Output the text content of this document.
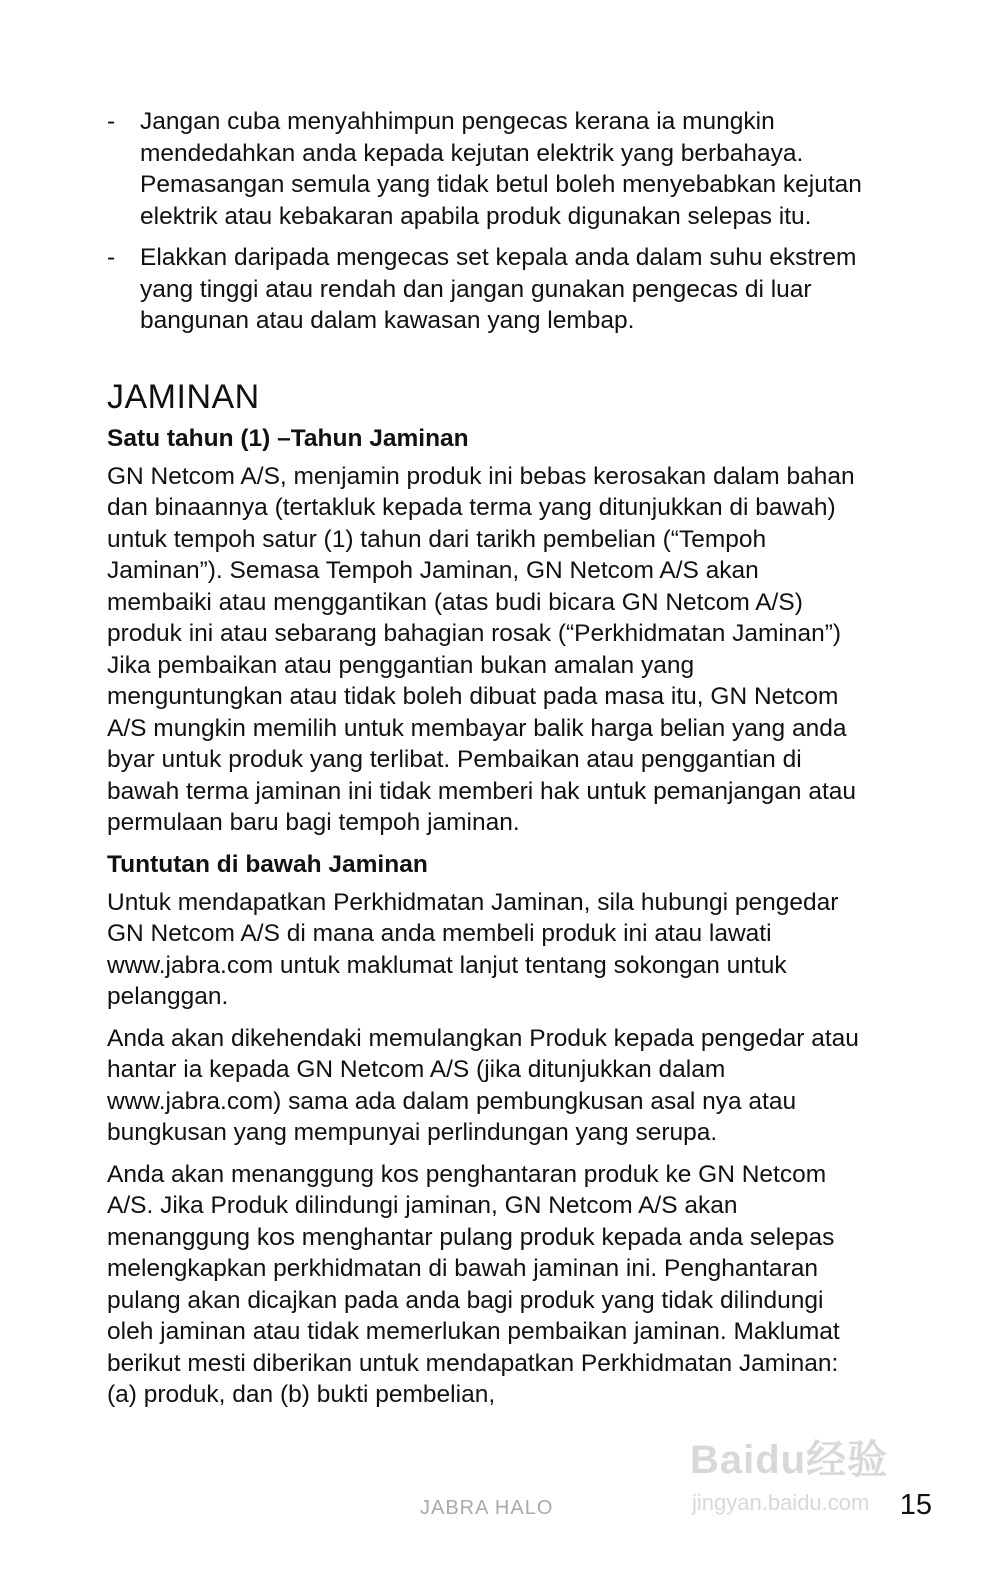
- Jangan cuba menyahhimpun pengecas kerana ia mungkin mendedahkan anda kepada kejutan elektrik yang berbahaya. Pemasangan semula yang tidak betul boleh menyebabkan kejutan elektrik atau kebakaran apabila produk digunakan selepas itu.
- Elakkan daripada mengecas set kepala anda dalam suhu ekstrem yang tinggi atau rendah dan jangan gunakan pengecas di luar bangunan atau dalam kawasan yang lembap.
JAMINAN
Satu tahun (1) –Tahun Jaminan

GN Netcom A/S, menjamin produk ini bebas kerosakan dalam bahan dan binaannya (tertakluk kepada terma yang ditunjukkan di bawah) untuk tempoh satur (1) tahun dari tarikh pembelian (“Tempoh Jaminan”). Semasa Tempoh Jaminan, GN Netcom A/S akan membaiki atau menggantikan (atas budi bicara GN Netcom A/S) produk ini atau sebarang bahagian rosak (“Perkhidmatan Jaminan”) Jika pembaikan atau penggantian bukan amalan yang menguntungkan atau tidak boleh dibuat pada masa itu, GN Netcom A/S mungkin memilih untuk membayar balik harga belian yang anda byar untuk produk yang terlibat. Pembaikan atau penggantian di bawah terma jaminan ini tidak memberi hak untuk pemanjangan atau permulaan baru bagi tempoh jaminan.

Tuntutan di bawah Jaminan

Untuk mendapatkan Perkhidmatan Jaminan, sila hubungi pengedar GN Netcom A/S di mana anda membeli produk ini atau lawati www.jabra.com untuk maklumat lanjut tentang sokongan untuk pelanggan.

Anda akan dikehendaki memulangkan Produk kepada pengedar atau hantar ia kepada GN Netcom A/S (jika ditunjukkan dalam www.jabra.com) sama ada dalam pembungkusan asal nya atau bungkusan yang mempunyai perlindungan yang serupa.

Anda akan menanggung kos penghantaran produk ke GN Netcom A/S. Jika Produk dilindungi jaminan, GN Netcom A/S akan menanggung kos menghantar pulang produk kepada anda selepas melengkapkan perkhidmatan di bawah jaminan ini. Penghantaran pulang akan dicajkan pada anda bagi produk yang tidak dilindungi oleh jaminan atau tidak memerlukan pembaikan jaminan. Maklumat berikut mesti diberikan untuk mendapatkan Perkhidmatan Jaminan: (a) produk, dan (b) bukti pembelian,

JABRA HALO
Baidu经验
jingyan.baidu.com 15
